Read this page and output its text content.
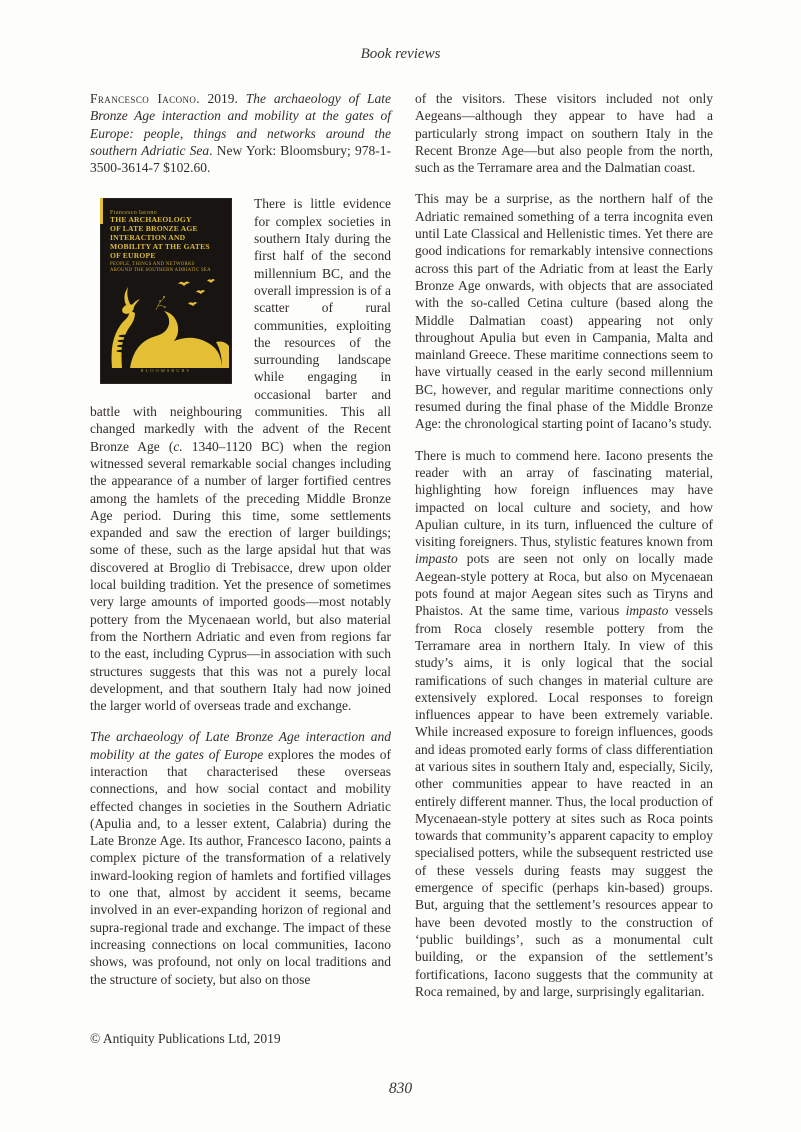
Book reviews
Francesco Iacono. 2019. The archaeology of Late Bronze Age interaction and mobility at the gates of Europe: people, things and networks around the southern Adriatic Sea. New York: Bloomsbury; 978-1-3500-3614-7 $102.60.
Francesco Iacono
THE ARCHAEOLOGY
OF LATE BRONZE AGE
INTERACTION AND
MOBILITY AT THE GATES
OF EUROPE
PEOPLE, THINGS AND NETWORKS
AROUND THE SOUTHERN ADRIATIC SEA
BLOOMSBURY
There is little evidence for complex societies in southern Italy during the first half of the second millennium BC, and the overall impression is of a scatter of rural communities, exploiting the resources of the surrounding landscape while engaging in occasional barter and battle with neighbouring communities. This all changed markedly with the advent of the Recent Bronze Age (c. 1340–1120 BC) when the region witnessed several remarkable social changes including the appearance of a number of larger fortified centres among the hamlets of the preceding Middle Bronze Age period. During this time, some settlements expanded and saw the erection of larger buildings; some of these, such as the large apsidal hut that was discovered at Broglio di Trebisacce, drew upon older local building tradition. Yet the presence of sometimes very large amounts of imported goods—most notably pottery from the Mycenaean world, but also material from the Northern Adriatic and even from regions far to the east, including Cyprus—in association with such structures suggests that this was not a purely local development, and that southern Italy had now joined the larger world of overseas trade and exchange.
The archaeology of Late Bronze Age interaction and mobility at the gates of Europe explores the modes of interaction that characterised these overseas connections, and how social contact and mobility effected changes in societies in the Southern Adriatic (Apulia and, to a lesser extent, Calabria) during the Late Bronze Age. Its author, Francesco Iacono, paints a complex picture of the transformation of a relatively inward-looking region of hamlets and fortified villages to one that, almost by accident it seems, became involved in an ever-expanding horizon of regional and supra-regional trade and exchange. The impact of these increasing connections on local communities, Iacono shows, was profound, not only on local traditions and the structure of society, but also on those
of the visitors. These visitors included not only Aegeans—although they appear to have had a particularly strong impact on southern Italy in the Recent Bronze Age—but also people from the north, such as the Terramare area and the Dalmatian coast.
This may be a surprise, as the northern half of the Adriatic remained something of a terra incognita even until Late Classical and Hellenistic times. Yet there are good indications for remarkably intensive connections across this part of the Adriatic from at least the Early Bronze Age onwards, with objects that are associated with the so-called Cetina culture (based along the Middle Dalmatian coast) appearing not only throughout Apulia but even in Campania, Malta and mainland Greece. These maritime connections seem to have virtually ceased in the early second millennium BC, however, and regular maritime connections only resumed during the final phase of the Middle Bronze Age: the chronological starting point of Iacano’s study.
There is much to commend here. Iacono presents the reader with an array of fascinating material, highlighting how foreign influences may have impacted on local culture and society, and how Apulian culture, in its turn, influenced the culture of visiting foreigners. Thus, stylistic features known from impasto pots are seen not only on locally made Aegean-style pottery at Roca, but also on Mycenaean pots found at major Aegean sites such as Tiryns and Phaistos. At the same time, various impasto vessels from Roca closely resemble pottery from the Terramare area in northern Italy. In view of this study’s aims, it is only logical that the social ramifications of such changes in material culture are extensively explored. Local responses to foreign influences appear to have been extremely variable. While increased exposure to foreign influences, goods and ideas promoted early forms of class differentiation at various sites in southern Italy and, especially, Sicily, other communities appear to have reacted in an entirely different manner. Thus, the local production of Mycenaean-style pottery at sites such as Roca points towards that community’s apparent capacity to employ specialised potters, while the subsequent restricted use of these vessels during feasts may suggest the emergence of specific (perhaps kin-based) groups. But, arguing that the settlement’s resources appear to have been devoted mostly to the construction of ‘public buildings’, such as a monumental cult building, or the expansion of the settlement’s fortifications, Iacono suggests that the community at Roca remained, by and large, surprisingly egalitarian.
© Antiquity Publications Ltd, 2019
830
